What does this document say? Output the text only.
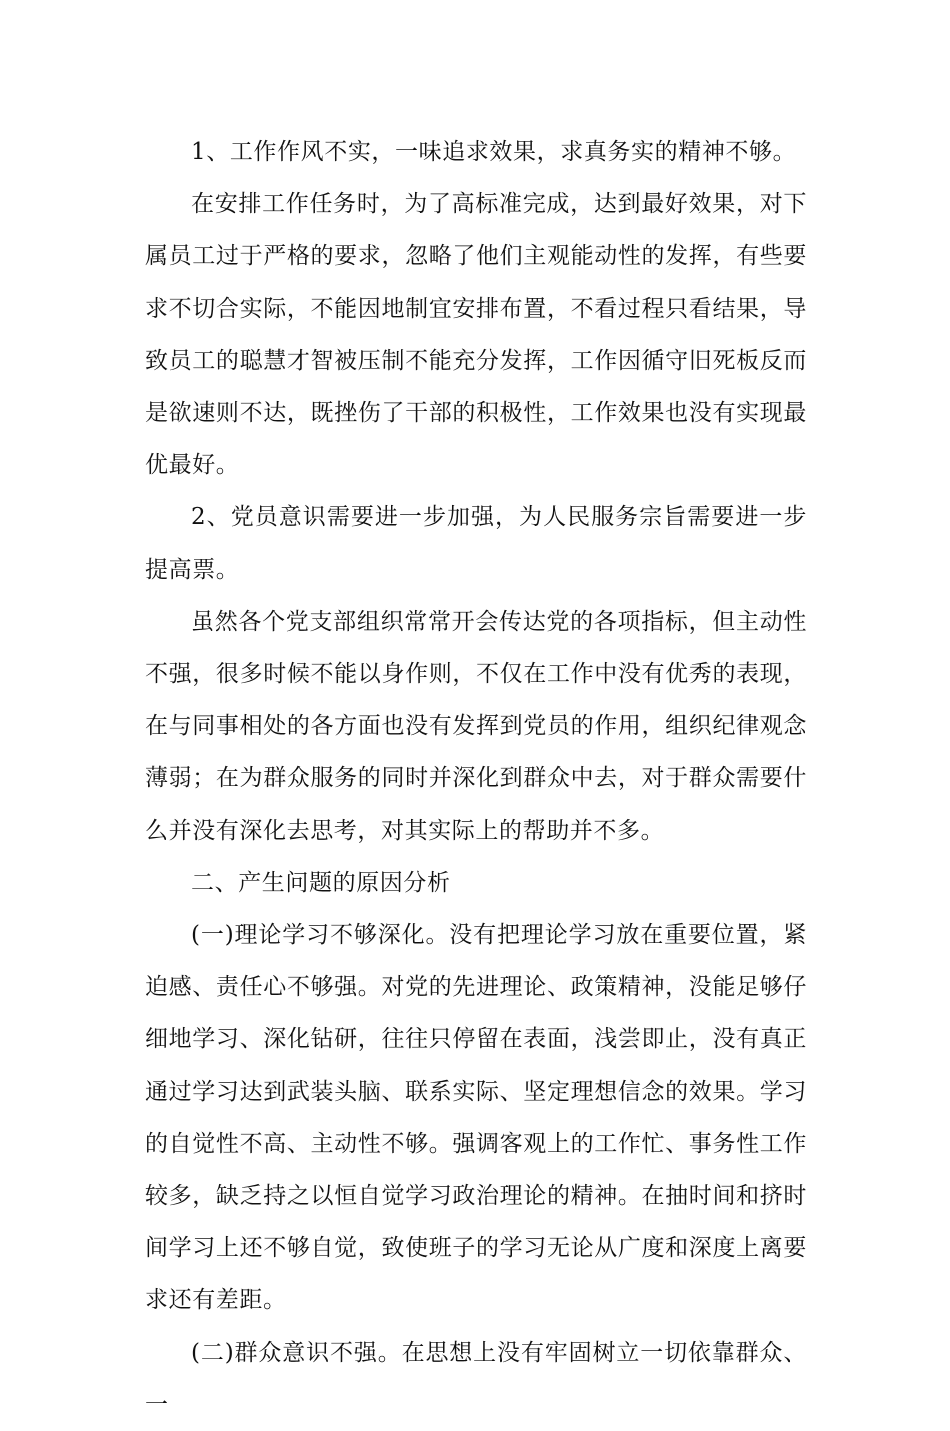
1、工作作风不实，一味追求效果，求真务实的精神不够。

在安排工作任务时，为了高标准完成，达到最好效果，对下属员工过于严格的要求，忽略了他们主观能动性的发挥，有些要求不切合实际，不能因地制宜安排布置，不看过程只看结果，导致员工的聪慧才智被压制不能充分发挥，工作因循守旧死板反而是欲速则不达，既挫伤了干部的积极性，工作效果也没有实现最优最好。

2、党员意识需要进一步加强，为人民服务宗旨需要进一步提高票。

虽然各个党支部组织常常开会传达党的各项指标，但主动性不强，很多时候不能以身作则，不仅在工作中没有优秀的表现，在与同事相处的各方面也没有发挥到党员的作用，组织纪律观念薄弱；在为群众服务的同时并深化到群众中去，对于群众需要什么并没有深化去思考，对其实际上的帮助并不多。

二、产生问题的原因分析

(一)理论学习不够深化。没有把理论学习放在重要位置，紧迫感、责任心不够强。对党的先进理论、政策精神，没能足够仔细地学习、深化钻研，往往只停留在表面，浅尝即止，没有真正通过学习达到武装头脑、联系实际、坚定理想信念的效果。学习的自觉性不高、主动性不够。强调客观上的工作忙、事务性工作较多，缺乏持之以恒自觉学习政治理论的精神。在抽时间和挤时间学习上还不够自觉，致使班子的学习无论从广度和深度上离要求还有差距。

(二)群众意识不强。在思想上没有牢固树立一切依靠群众、一
